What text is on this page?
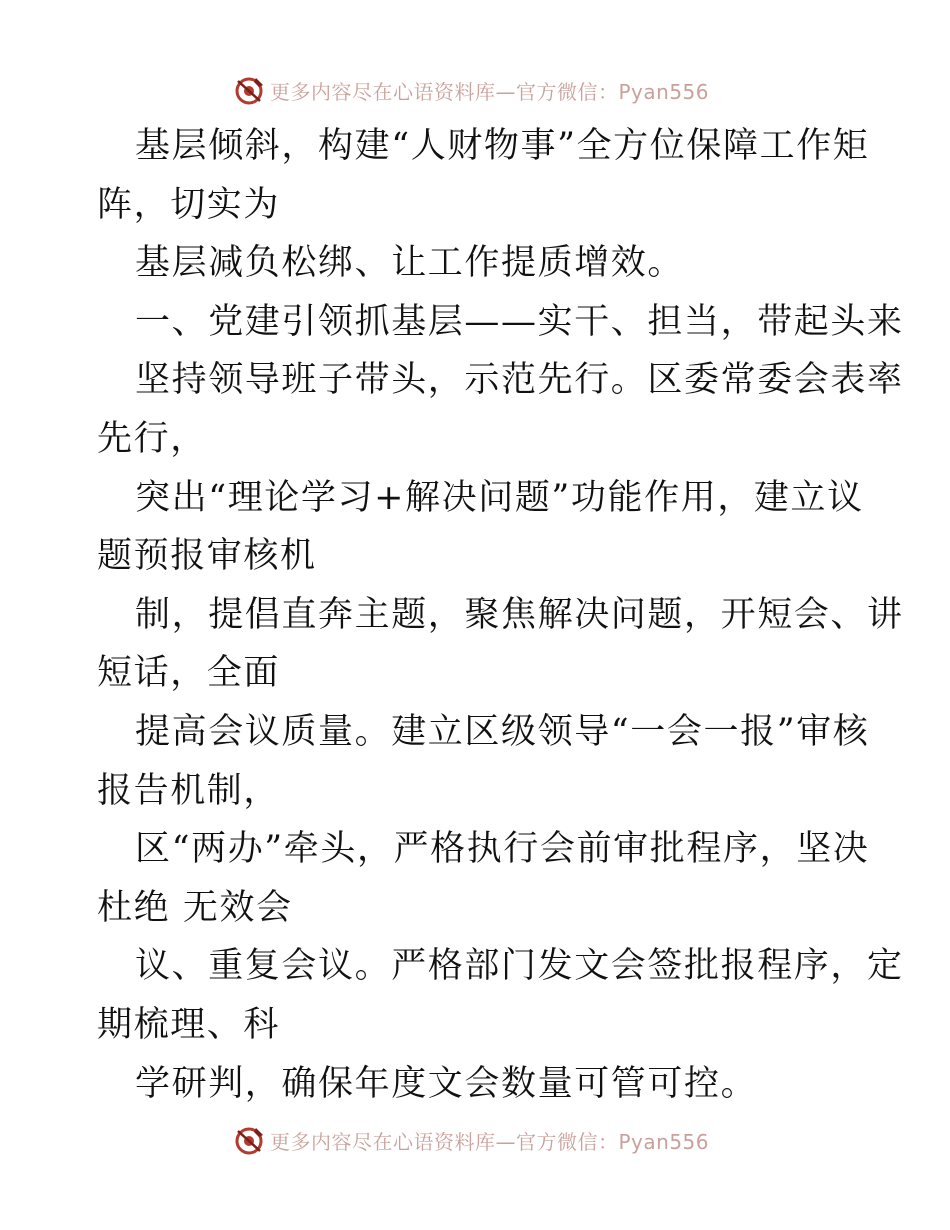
更多内容尽在心语资料库—官方微信：Pyan556
基层倾斜，构建“人财物事”全方位保障工作矩
阵，切实为
基层减负松绑、让工作提质增效。
一、党建引领抓基层——实干、担当，带起头来
坚持领导班子带头，示范先行。区委常委会表率
先行，
突出“理论学习+解决问题”功能作用，建立议
题预报审核机
制，提倡直奔主题，聚焦解决问题，开短会、讲
短话，全面
提高会议质量。建立区级领导“一会一报”审核
报告机制，
区“两办”牵头，严格执行会前审批程序，坚决
杜绝 无效会
议、重复会议。严格部门发文会签批报程序，定
期梳理、科
学研判，确保年度文会数量可管可控。
更多内容尽在心语资料库—官方微信：Pyan556
